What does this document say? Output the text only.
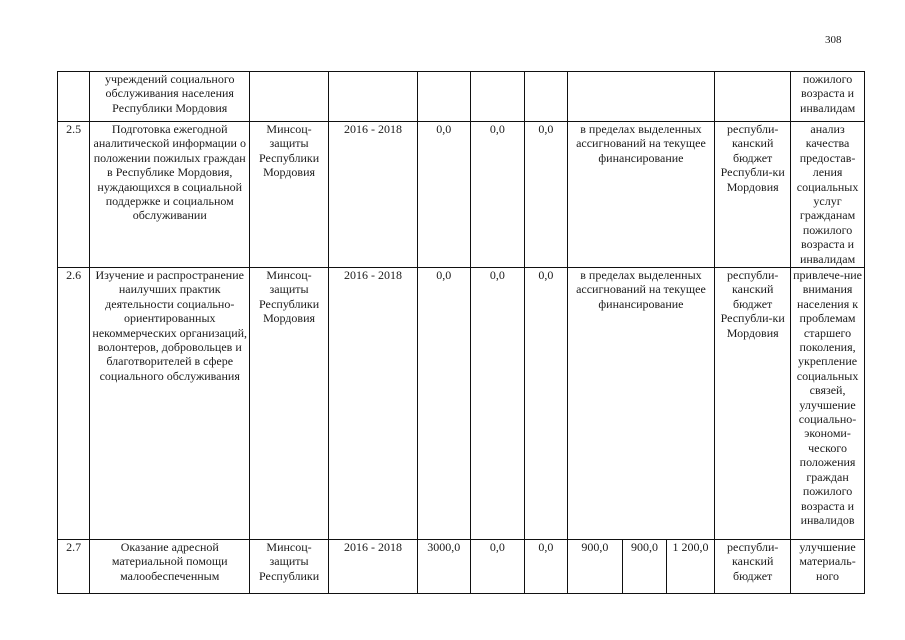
308
	учреждений социального обслуживания населения Республики Мордовия										пожилого возраста и инвалидам
2.5	Подготовка ежегодной аналитической информации о положении пожилых граждан в Республике Мордовия, нуждающихся в социальной поддержке и социальном обслуживании	Минсоц-защиты Республики Мордовия	2016 - 2018	0,0	0,0	0,0	в пределах выделенных ассигнований на текущее финансирование			республи-канский бюджет Республи-ки Мордовия	анализ качества предостав-ления социальных услуг гражданам пожилого возраста и инвалидам
2.6	Изучение и распространение наилучших практик деятельности социально-ориентированных некоммерческих организаций, волонтеров, добровольцев и благотворителей в сфере социального обслуживания	Минсоц-защиты Республики Мордовия	2016 - 2018	0,0	0,0	0,0	в пределах выделенных ассигнований на текущее финансирование			республи-канский бюджет Республи-ки Мордовия	привлече-ние внимания населения к проблемам старшего поколения, укрепление социальных связей, улучшение социально-экономи-ческого положения граждан пожилого возраста и инвалидов
2.7	Оказание адресной материальной помощи малообеспеченным	Минсоц-защиты Республики	2016 - 2018	3000,0	0,0	0,0	900,0	900,0	1 200,0	республи-канский бюджет	улучшение материаль-ного
